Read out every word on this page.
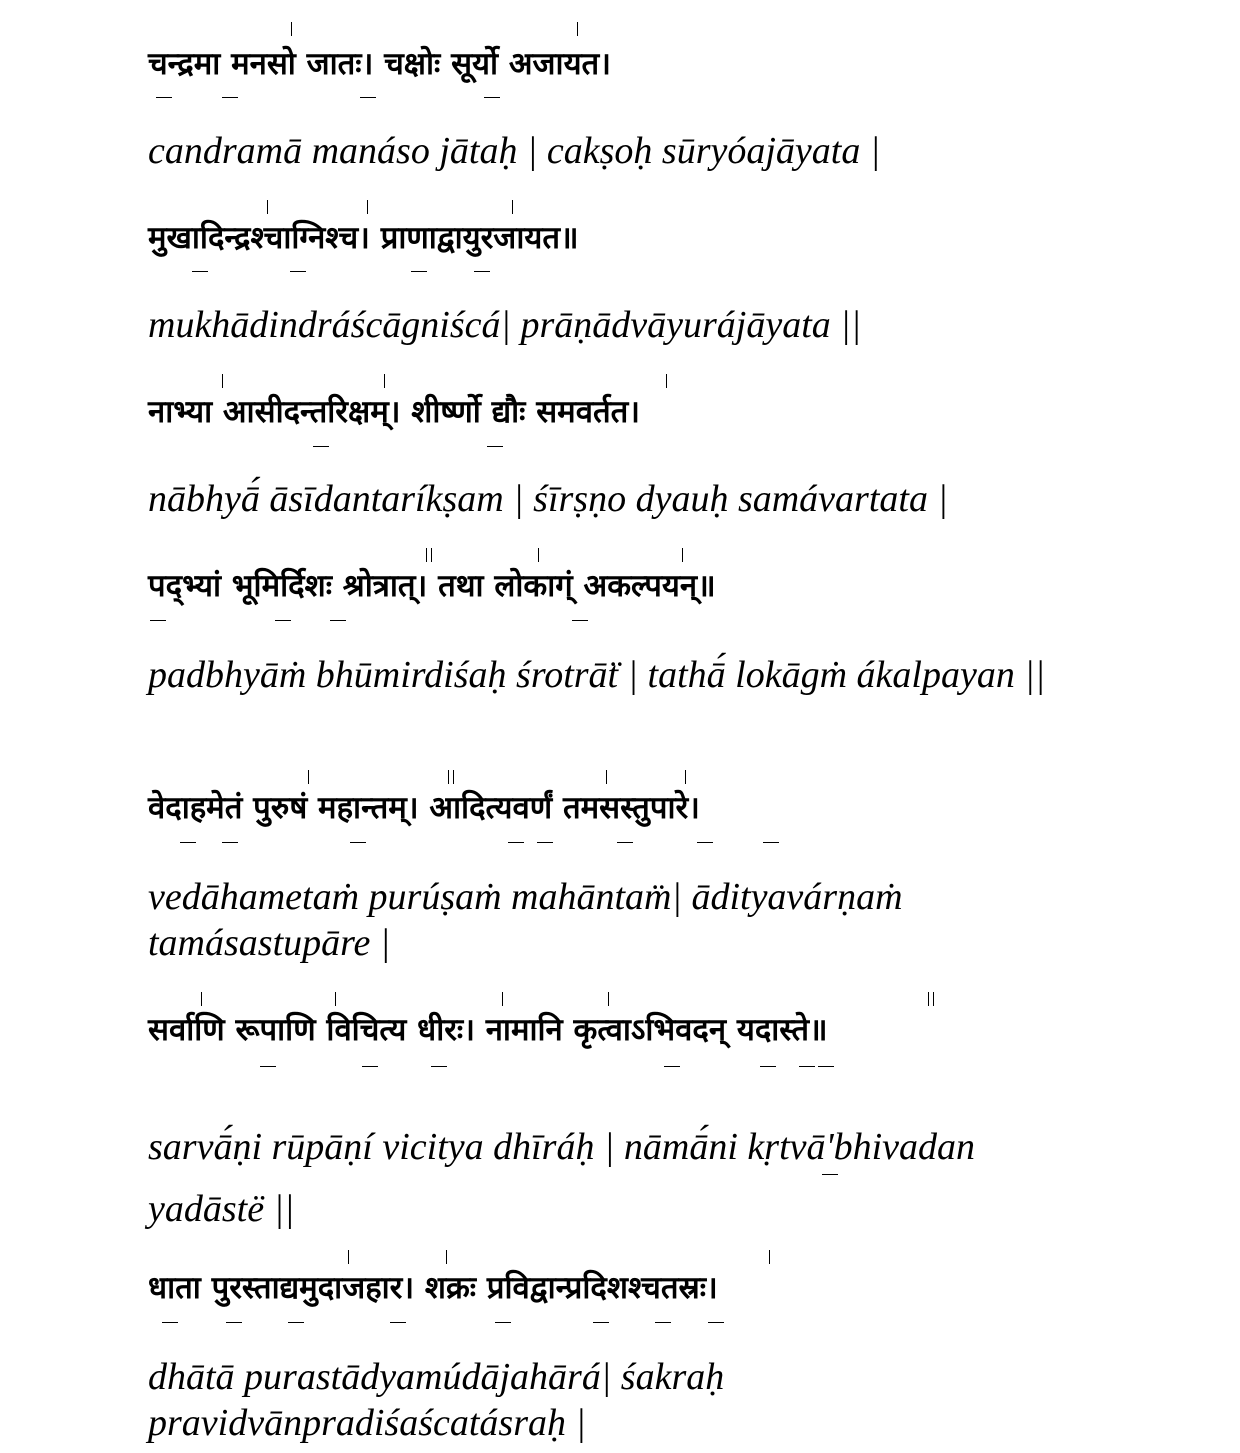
चन्द्रमा मनसो जातः। चक्षोः सूर्यो अजायत।
candramā manáso jātaḥ | cakṣoḥ sūryóajāyata |
मुखादिन्द्रश्चाग्निश्च। प्राणाद्वायुरजायत॥
mukhādindráścāgniścá| prāṇādvāyurájāyata ||
नाभ्या आसीदन्तरिक्षम्। शीर्ष्णो द्यौः समवर्तत।
nābhyā́ āsīdantaríkṣam | śīrṣṇo dyauḥ samávartata |
पद्भ्यां भूमिर्दिशः श्रोत्रात्। तथा लोकाग्ं अकल्पयन्॥
padbhyāṁ bhūmirdiśaḥ śrotrā̈t | tathā́ lokāgṁ ákalpayan ||
वेदाहमेतं पुरुषं महान्तम्। आदित्यवर्णं तमसस्तुपारे।
vedāhametaṁ purúṣaṁ mahāntam̈| ādityavárṇaṁ tamásastupāre |
सर्वाणि रूपाणि विचित्य धीरः। नामानि कृत्वाऽभिवदन् यदास्ते॥
sarvā́ṇi rūpāṇí vicitya dhīráḥ | nāmā́ni kṛtvā'bhivadan yadāstë ||
धाता पुरस्ताद्यमुदाजहार। शक्रः प्रविद्वान्प्रदिशश्चतस्रः।
dhātā purastādyamúdājahārá| śakraḥ pravidvānpradiśaścatásraḥ |
